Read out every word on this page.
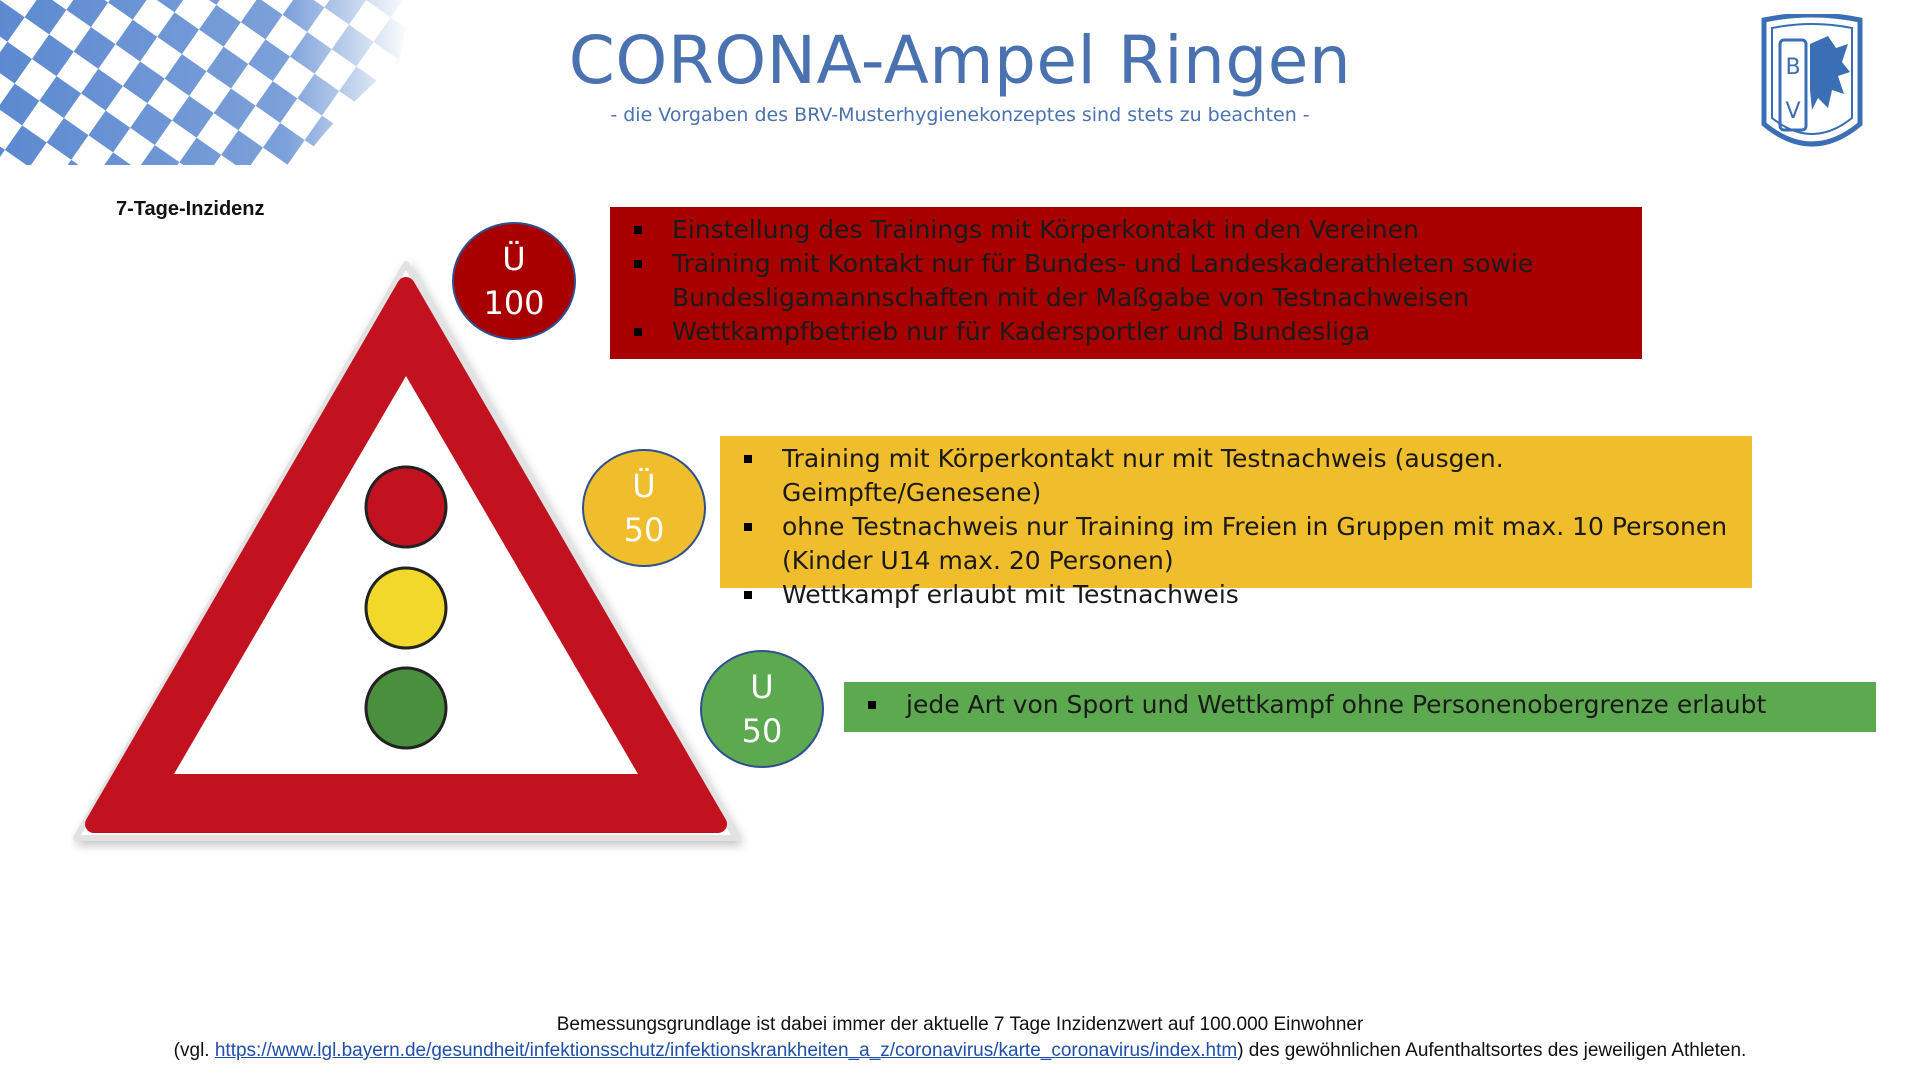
B
V
CORONA-Ampel Ringen
- die Vorgaben des BRV-Musterhygienekonzeptes sind stets zu beachten -
7-Tage-Inzidenz
Ü
100
Ü
50
U
50
Einstellung des Trainings mit Körperkontakt in den Vereinen
Training mit Kontakt nur für Bundes- und Landeskaderathleten sowie Bundesligamannschaften mit der Maßgabe von Testnachweisen
Wettkampfbetrieb nur für Kadersportler und Bundesliga
Training mit Körperkontakt nur mit Testnachweis (ausgen. Geimpfte/Genesene)
ohne Testnachweis nur Training im Freien in Gruppen mit max. 10 Personen (Kinder U14 max. 20 Personen)
Wettkampf erlaubt mit Testnachweis
jede Art von Sport und Wettkampf ohne Personenobergrenze erlaubt
Bemessungsgrundlage ist dabei immer der aktuelle 7 Tage Inzidenzwert auf 100.000 Einwohner
(vgl. https://www.lgl.bayern.de/gesundheit/infektionsschutz/infektionskrankheiten_a_z/coronavirus/karte_coronavirus/index.htm) des gewöhnlichen Aufenthaltsortes des jeweiligen Athleten.
